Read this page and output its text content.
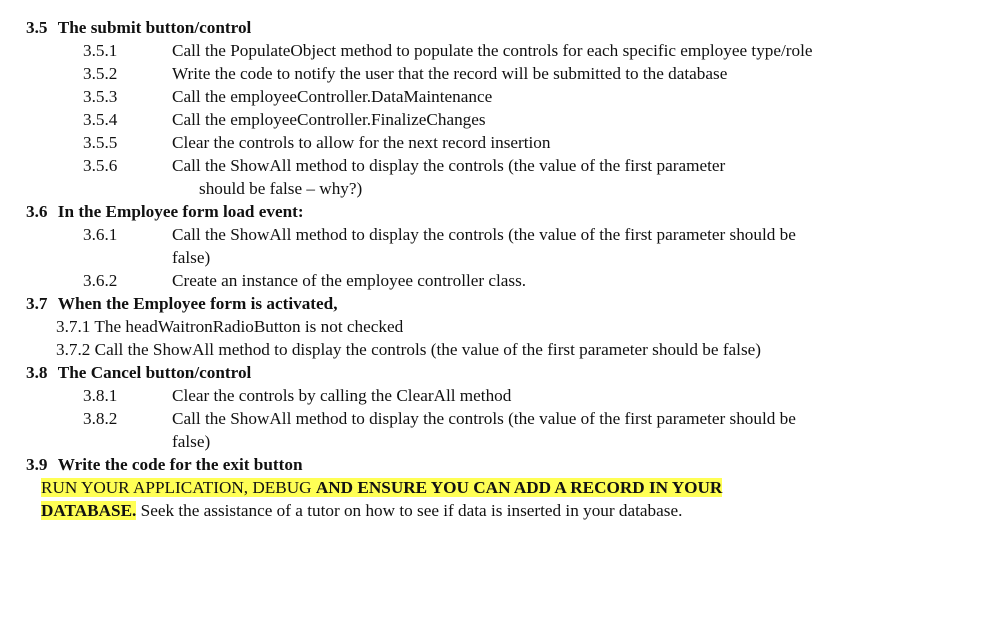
3.5 The submit button/control
3.5.1	Call the PopulateObject method to populate the controls for each specific employee type/role
3.5.2	Write the code to notify the user that the record will be submitted to the database
3.5.3	Call the employeeController.DataMaintenance
3.5.4	Call the employeeController.FinalizeChanges
3.5.5	Clear the controls to allow for the next record insertion
3.5.6	Call the ShowAll method to display the controls (the value of the first parameter
should be false – why?)
3.6 In the Employee form load event:
3.6.1	Call the ShowAll method to display the controls (the value of the first parameter should be
false)
3.6.2	Create an instance of the employee controller class.
3.7 When the Employee form is activated,
3.7.1 The headWaitronRadioButton is not checked
3.7.2 Call the ShowAll method to display the controls (the value of the first parameter should be false)
3.8 The Cancel button/control
3.8.1	Clear the controls by calling the ClearAll method
3.8.2	Call the ShowAll method to display the controls (the value of the first parameter should be
false)
3.9 Write the code for the exit button
RUN YOUR APPLICATION, DEBUG AND ENSURE YOU CAN ADD A RECORD IN YOUR
DATABASE. Seek the assistance of a tutor on how to see if data is inserted in your database.
